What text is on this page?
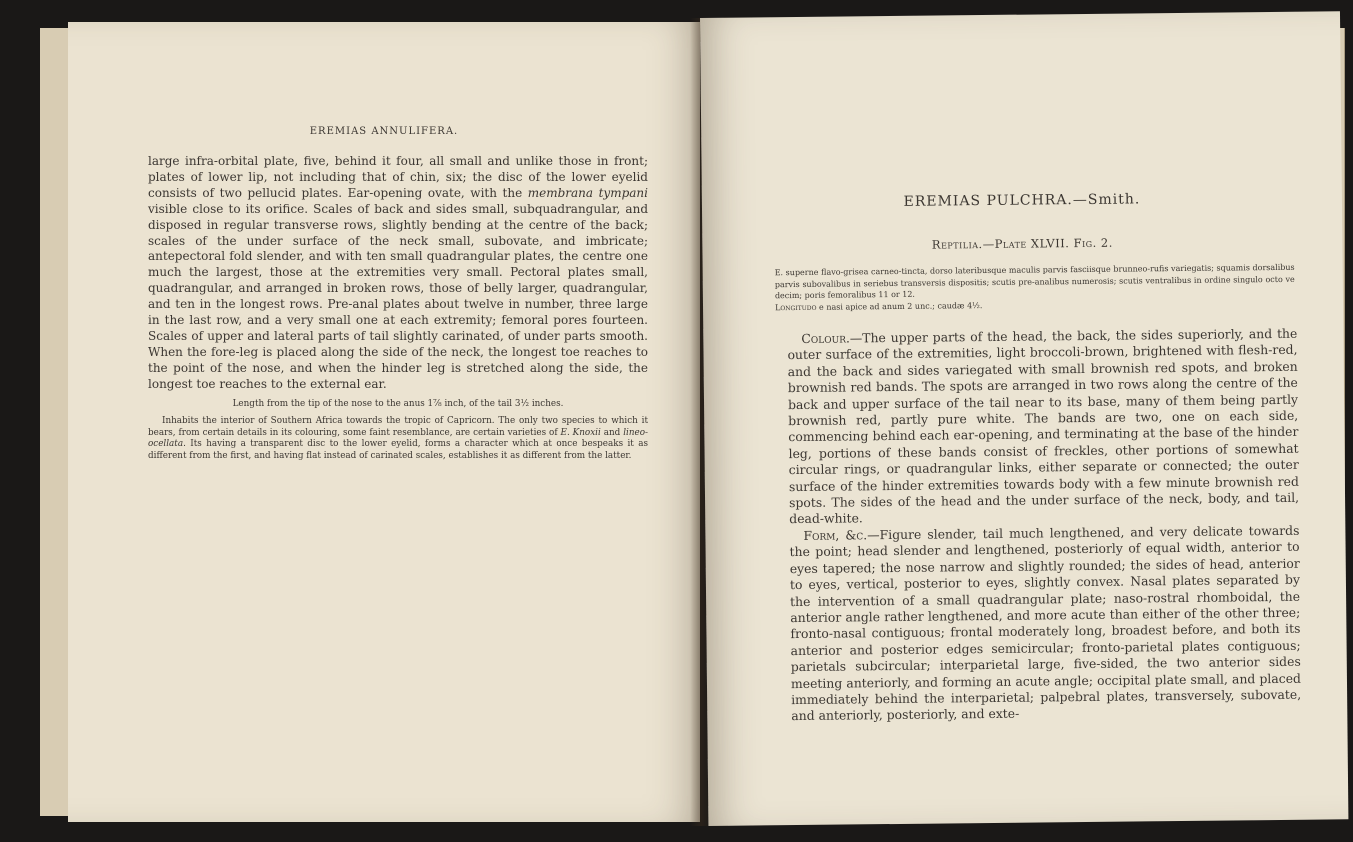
EREMIAS ANNULIFERA.

large infra-orbital plate, five, behind it four, all small and unlike those in front; plates of lower lip, not including that of chin, six; the disc of the lower eyelid consists of two pellucid plates. Ear-opening ovate, with the membrana tympani visible close to its orifice. Scales of back and sides small, subquadrangular, and disposed in regular transverse rows, slightly bending at the centre of the back; scales of the under surface of the neck small, subovate, and imbricate; antepectoral fold slender, and with ten small quadrangular plates, the centre one much the largest, those at the extremities very small. Pectoral plates small, quadrangular, and arranged in broken rows, those of belly larger, quadrangular, and ten in the longest rows. Pre-anal plates about twelve in number, three large in the last row, and a very small one at each extremity; femoral pores fourteen. Scales of upper and lateral parts of tail slightly carinated, of under parts smooth. When the fore-leg is placed along the side of the neck, the longest toe reaches to the point of the nose, and when the hinder leg is stretched along the side, the longest toe reaches to the external ear.

Length from the tip of the nose to the anus 1⅞ inch, of the tail 3½ inches.

Inhabits the interior of Southern Africa towards the tropic of Capricorn. The only two species to which it bears, from certain details in its colouring, some faint resemblance, are certain varieties of E. Knoxii and lineo-ocellata. Its having a transparent disc to the lower eyelid, forms a character which at once bespeaks it as different from the first, and having flat instead of carinated scales, establishes it as different from the latter.

EREMIAS PULCHRA.—Smith.
Reptilia.—Plate XLVII. Fig. 2.
E. superne flavo-grisea carneo-tincta, dorso lateribusque maculis parvis fasciisque brunneo-rufis variegatis; squamis dorsalibus parvis subovalibus in seriebus transversis dispositis; scutis pre-analibus numerosis; scutis ventralibus in ordine singulo octo ve decim; poris femoralibus 11 or 12.
Longitudo e nasi apice ad anum 2 unc.; caudæ 4½.

Colour.—The upper parts of the head, the back, the sides superiorly, and the outer surface of the extremities, light broccoli-brown, brightened with flesh-red, and the back and sides variegated with small brownish red spots, and broken brownish red bands. The spots are arranged in two rows along the centre of the back and upper surface of the tail near to its base, many of them being partly brownish red, partly pure white. The bands are two, one on each side, commencing behind each ear-opening, and terminating at the base of the hinder leg, portions of these bands consist of freckles, other portions of somewhat circular rings, or quadrangular links, either separate or connected; the outer surface of the hinder extremities towards body with a few minute brownish red spots. The sides of the head and the under surface of the neck, body, and tail, dead-white.

Form, &c.—Figure slender, tail much lengthened, and very delicate towards the point; head slender and lengthened, posteriorly of equal width, anterior to eyes tapered; the nose narrow and slightly rounded; the sides of head, anterior to eyes, vertical, posterior to eyes, slightly convex. Nasal plates separated by the intervention of a small quadrangular plate; naso-rostral rhomboidal, the anterior angle rather lengthened, and more acute than either of the other three; fronto-nasal contiguous; frontal moderately long, broadest before, and both its anterior and posterior edges semicircular; fronto-parietal plates contiguous; parietals subcircular; interparietal large, five-sided, the two anterior sides meeting anteriorly, and forming an acute angle; occipital plate small, and placed immediately behind the interparietal; palpebral plates, transversely, subovate, and anteriorly, posteriorly, and exte-
